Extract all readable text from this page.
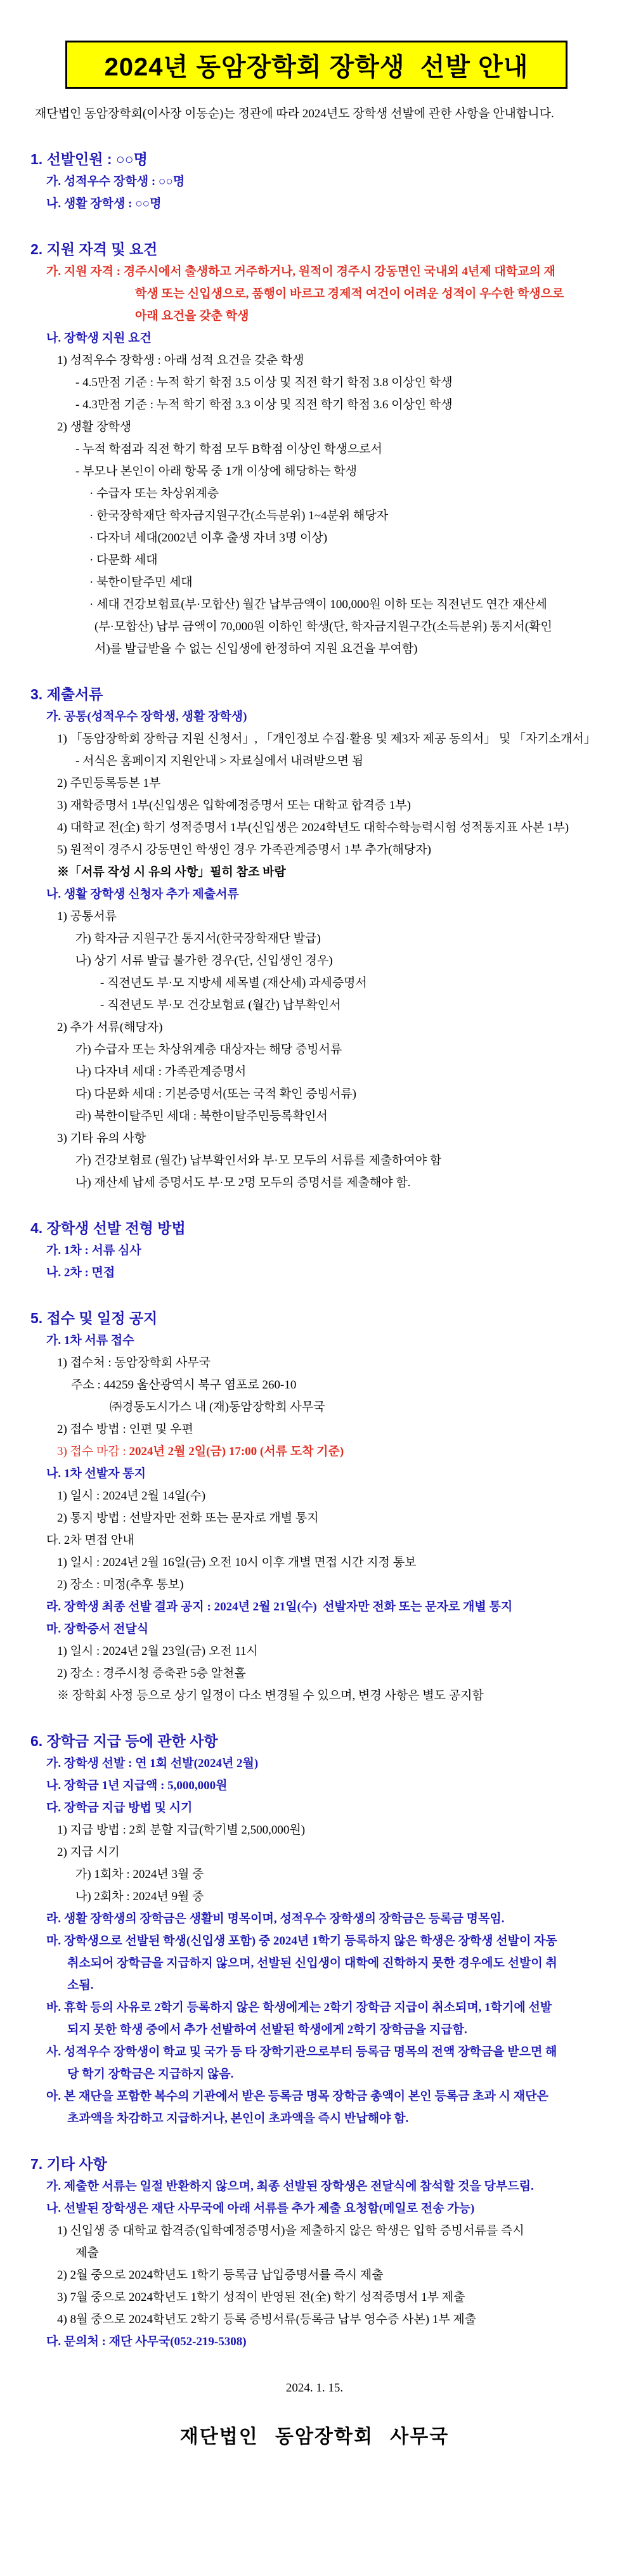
2024년 동암장학회 장학생  선발 안내
재단법인 동암장학회(이사장 이동순)는 정관에 따라 2024년도 장학생 선발에 관한 사항을 안내합니다.
1. 선발인원 : ○○명
가. 성적우수 장학생 : ○○명
나. 생활 장학생 : ○○명
2. 지원 자격 및 요건
가. 지원 자격 : 경주시에서 출생하고 거주하거나, 원적이 경주시 강동면인 국내외 4년제 대학교의 재
학생 또는 신입생으로, 품행이 바르고 경제적 여건이 어려운 성적이 우수한 학생으로
아래 요건을 갖춘 학생
나. 장학생 지원 요건
1) 성적우수 장학생 : 아래 성적 요건을 갖춘 학생
- 4.5만점 기준 : 누적 학기 학점 3.5 이상 및 직전 학기 학점 3.8 이상인 학생
- 4.3만점 기준 : 누적 학기 학점 3.3 이상 및 직전 학기 학점 3.6 이상인 학생
2) 생활 장학생
- 누적 학점과 직전 학기 학점 모두 B학점 이상인 학생으로서
- 부모나 본인이 아래 항목 중 1개 이상에 해당하는 학생
· 수급자 또는 차상위계층
· 한국장학재단 학자금지원구간(소득분위) 1~4분위 해당자
· 다자녀 세대(2002년 이후 출생 자녀 3명 이상)
· 다문화 세대
· 북한이탈주민 세대
· 세대 건강보험료(부·모합산) 월간 납부금액이 100,000원 이하 또는 직전년도 연간 재산세
(부·모합산) 납부 금액이 70,000원 이하인 학생(단, 학자금지원구간(소득분위) 통지서(확인
서)를 발급받을 수 없는 신입생에 한정하여 지원 요건을 부여함)
3. 제출서류
가. 공통(성적우수 장학생, 생활 장학생)
1) 「동암장학회 장학금 지원 신청서」, 「개인정보 수집·활용 및 제3자 제공 동의서」 및 「자기소개서」
- 서식은 홈페이지 지원안내 > 자료실에서 내려받으면 됨
2) 주민등록등본 1부
3) 재학증명서 1부(신입생은 입학예정증명서 또는 대학교 합격증 1부)
4) 대학교 전(全) 학기 성적증명서 1부(신입생은 2024학년도 대학수학능력시험 성적통지표 사본 1부)
5) 원적이 경주시 강동면인 학생인 경우 가족관계증명서 1부 추가(해당자)
※「서류 작성 시 유의 사항」필히 참조 바람
나. 생활 장학생 신청자 추가 제출서류
1) 공통서류
가) 학자금 지원구간 통지서(한국장학재단 발급)
나) 상기 서류 발급 불가한 경우(단, 신입생인 경우)
- 직전년도 부·모 지방세 세목별 (재산세) 과세증명서
- 직전년도 부·모 건강보험료 (월간) 납부확인서
2) 추가 서류(해당자)
가) 수급자 또는 차상위계층 대상자는 해당 증빙서류
나) 다자녀 세대 : 가족관계증명서
다) 다문화 세대 : 기본증명서(또는 국적 확인 증빙서류)
라) 북한이탈주민 세대 : 북한이탈주민등록확인서
3) 기타 유의 사항
가) 건강보험료 (월간) 납부확인서와 부·모 모두의 서류를 제출하여야 함
나) 재산세 납세 증명서도 부·모 2명 모두의 증명서를 제출해야 함.
4. 장학생 선발 전형 방법
가. 1차 : 서류 심사
나. 2차 : 면접
5. 접수 및 일정 공지
가. 1차 서류 접수
1) 접수처 : 동암장학회 사무국
주소 : 44259 울산광역시 북구 염포로 260-10
㈜경동도시가스 내 (재)동암장학회 사무국
2) 접수 방법 : 인편 및 우편
3) 접수 마감 : 2024년 2월 2일(금) 17:00 (서류 도착 기준)
나. 1차 선발자 통지
1) 일시 : 2024년 2월 14일(수)
2) 통지 방법 : 선발자만 전화 또는 문자로 개별 통지
다. 2차 면접 안내
1) 일시 : 2024년 2월 16일(금) 오전 10시 이후 개별 면접 시간 지정 통보
2) 장소 : 미정(추후 통보)
라. 장학생 최종 선발 결과 공지 : 2024년 2월 21일(수)  선발자만 전화 또는 문자로 개별 통지
마. 장학증서 전달식
1) 일시 : 2024년 2월 23일(금) 오전 11시
2) 장소 : 경주시청 증축관 5층 알천홀
※ 장학회 사정 등으로 상기 일정이 다소 변경될 수 있으며, 변경 사항은 별도 공지함
6. 장학금 지급 등에 관한 사항
가. 장학생 선발 : 연 1회 선발(2024년 2월)
나. 장학금 1년 지급액 : 5,000,000원
다. 장학금 지급 방법 및 시기
1) 지급 방법 : 2회 분할 지급(학기별 2,500,000원)
2) 지급 시기
가) 1회차 : 2024년 3월 중
나) 2회차 : 2024년 9월 중
라. 생활 장학생의 장학금은 생활비 명목이며, 성적우수 장학생의 장학금은 등록금 명목임.
마. 장학생으로 선발된 학생(신입생 포함) 중 2024년 1학기 등록하지 않은 학생은 장학생 선발이 자동
취소되어 장학금을 지급하지 않으며, 선발된 신입생이 대학에 진학하지 못한 경우에도 선발이 취
소됨.
바. 휴학 등의 사유로 2학기 등록하지 않은 학생에게는 2학기 장학금 지급이 취소되며, 1학기에 선발
되지 못한 학생 중에서 추가 선발하여 선발된 학생에게 2학기 장학금을 지급함.
사. 성적우수 장학생이 학교 및 국가 등 타 장학기관으로부터 등록금 명목의 전액 장학금을 받으면 해
당 학기 장학금은 지급하지 않음.
아. 본 재단을 포함한 복수의 기관에서 받은 등록금 명목 장학금 총액이 본인 등록금 초과 시 재단은
초과액을 차감하고 지급하거나, 본인이 초과액을 즉시 반납해야 함.
7. 기타 사항
가. 제출한 서류는 일절 반환하지 않으며, 최종 선발된 장학생은 전달식에 참석할 것을 당부드림.
나. 선발된 장학생은 재단 사무국에 아래 서류를 추가 제출 요청함(메일로 전송 가능)
1) 신입생 중 대학교 합격증(입학예정증명서)을 제출하지 않은 학생은 입학 증빙서류를 즉시
제출
2) 2월 중으로 2024학년도 1학기 등록금 납입증명서를 즉시 제출
3) 7월 중으로 2024학년도 1학기 성적이 반영된 전(全) 학기 성적증명서 1부 제출
4) 8월 중으로 2024학년도 2학기 등록 증빙서류(등록금 납부 영수증 사본) 1부 제출
다. 문의처 : 재단 사무국(052-219-5308)
2024. 1. 15.
재단법인 동암장학회 사무국
